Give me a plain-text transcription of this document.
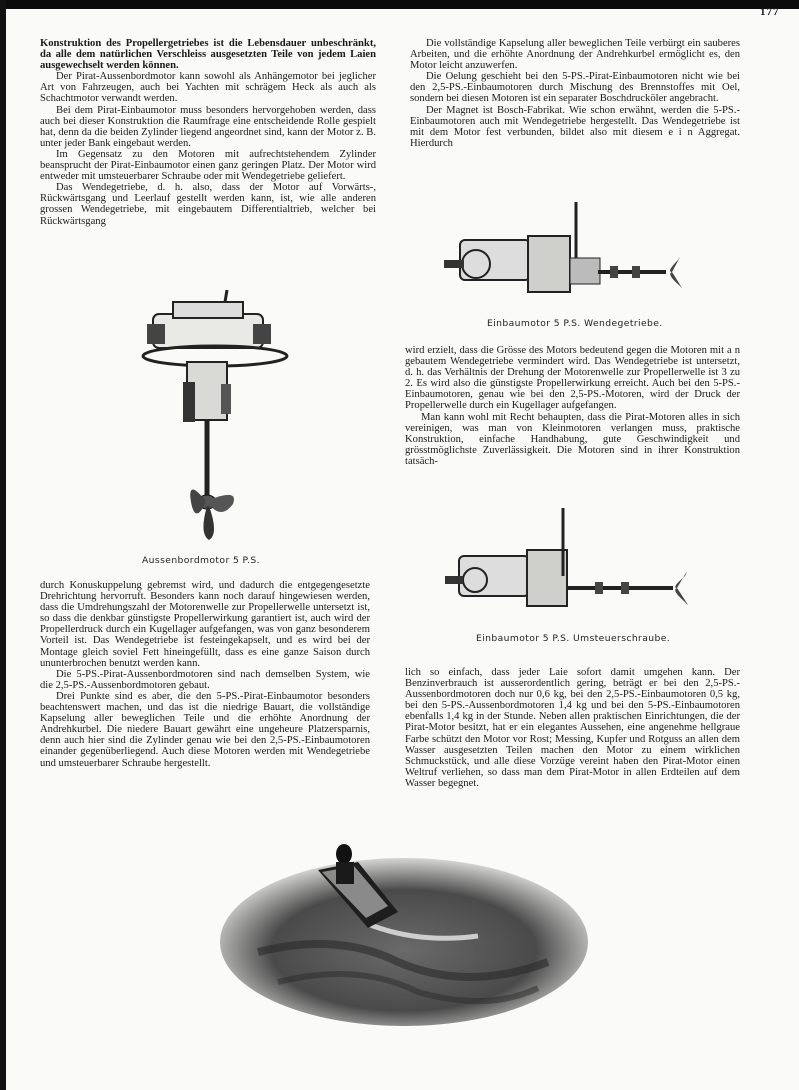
177

Konstruktion des Propellergetriebes ist die Lebensdauer unbeschränkt, da alle dem natürlichen Verschleiss ausgesetzten Teile von jedem Laien ausgewechselt werden können.

Der Pirat-Aussenbordmotor kann sowohl als Anhängemotor bei jeglicher Art von Fahrzeugen, auch bei Yachten mit schrägem Heck als auch als Schachtmotor verwandt werden.

Bei dem Pirat-Einbaumotor muss besonders hervorgehoben werden, dass auch bei dieser Konstruktion die Raumfrage eine entscheidende Rolle gespielt hat, denn da die beiden Zylinder liegend angeordnet sind, kann der Motor z. B. unter jeder Bank eingebaut werden.

Im Gegensatz zu den Motoren mit aufrechtstehendem Zylinder beansprucht der Pirat-Einbaumotor einen ganz geringen Platz. Der Motor wird entweder mit umsteuerbarer Schraube oder mit Wendegetriebe geliefert.

Das Wendegetriebe, d. h. also, dass der Motor auf Vorwärts-, Rückwärtsgang und Leerlauf gestellt werden kann, ist, wie alle anderen grossen Wendegetriebe, mit eingebautem Differentialtrieb, welcher bei Rückwärtsgang

Aussenbordmotor 5 P.S.

durch Konuskuppelung gebremst wird, und dadurch die entgegengesetzte Drehrichtung hervorruft. Besonders kann noch darauf hingewiesen werden, dass die Umdrehungszahl der Motorenwelle zur Propellerwelle untersetzt ist, so dass die denkbar günstigste Propellerwirkung garantiert ist, auch wird der Propellerdruck durch ein Kugellager aufgefangen, was von ganz besonderem Vorteil ist. Das Wendegetriebe ist festeingekapselt, und es wird bei der Montage gleich soviel Fett hineingefüllt, dass es eine ganze Saison durch ununterbrochen benutzt werden kann.

Die 5-PS.-Pirat-Aussenbordmotoren sind nach demselben System, wie die 2,5-PS.-Aussenbordmotoren gebaut.

Drei Punkte sind es aber, die den 5-PS.-Pirat-Einbaumotor besonders beachtenswert machen, und das ist die niedrige Bauart, die vollständige Kapselung aller beweglichen Teile und die erhöhte Anordnung der Andrehkurbel. Die niedere Bauart gewährt eine ungeheure Platzersparnis, denn auch hier sind die Zylinder genau wie bei den 2,5-PS.-Einbaumotoren einander gegenüberliegend. Auch diese Motoren werden mit Wendegetriebe und umsteuerbarer Schraube hergestellt.

Die vollständige Kapselung aller beweglichen Teile verbürgt ein sauberes Arbeiten, und die erhöhte Anordnung der Andrehkurbel ermöglicht es, den Motor leicht anzuwerfen.

Die Oelung geschieht bei den 5-PS.-Pirat-Einbaumotoren nicht wie bei den 2,5-PS.-Einbaumotoren durch Mischung des Brennstoffes mit Oel, sondern bei diesen Motoren ist ein separater Boschdrucköler angebracht.

Der Magnet ist Bosch-Fabrikat. Wie schon erwähnt, werden die 5-PS.-Einbaumotoren auch mit Wendegetriebe hergestellt. Das Wendegetriebe ist mit dem Motor fest verbunden, bildet also mit diesem e i n Aggregat. Hierdurch

Einbaumotor 5 P.S. Wendegetriebe.

wird erzielt, dass die Grösse des Motors bedeutend gegen die Motoren mit a n gebautem Wendegetriebe vermindert wird. Das Wendegetriebe ist untersetzt, d. h. das Verhältnis der Drehung der Motorenwelle zur Propellerwelle ist 3 zu 2. Es wird also die günstigste Propellerwirkung erreicht. Auch bei den 5-PS.-Einbaumotoren, genau wie bei den 2,5-PS.-Motoren, wird der Druck der Propellerwelle durch ein Kugellager aufgefangen.

Man kann wohl mit Recht behaupten, dass die Pirat-Motoren alles in sich vereinigen, was man von Kleinmotoren verlangen muss, praktische Konstruktion, einfache Handhabung, gute Geschwindigkeit und grösstmöglichste Zuverlässigkeit. Die Motoren sind in ihrer Konstruktion tatsäch-

Einbaumotor 5 P.S. Umsteuerschraube.

lich so einfach, dass jeder Laie sofort damit umgehen kann. Der Benzinverbrauch ist ausserordentlich gering, beträgt er bei den 2,5-PS.-Aussenbordmotoren doch nur 0,6 kg, bei den 2,5-PS.-Einbaumotoren 0,5 kg, bei den 5-PS.-Aussenbordmotoren 1,4 kg und bei den 5-PS.-Einbaumotoren ebenfalls 1,4 kg in der Stunde. Neben allen praktischen Einrichtungen, die der Pirat-Motor besitzt, hat er ein elegantes Aussehen, eine angenehme hellgraue Farbe schützt den Motor vor Rost; Messing, Kupfer und Rotguss an allen dem Wasser ausgesetzten Teilen machen den Motor zu einem wirklichen Schmuckstück, und alle diese Vorzüge vereint haben den Pirat-Motor einen Weltruf verliehen, so dass man dem Pirat-Motor in allen Erdteilen auf dem Wasser begegnet.
